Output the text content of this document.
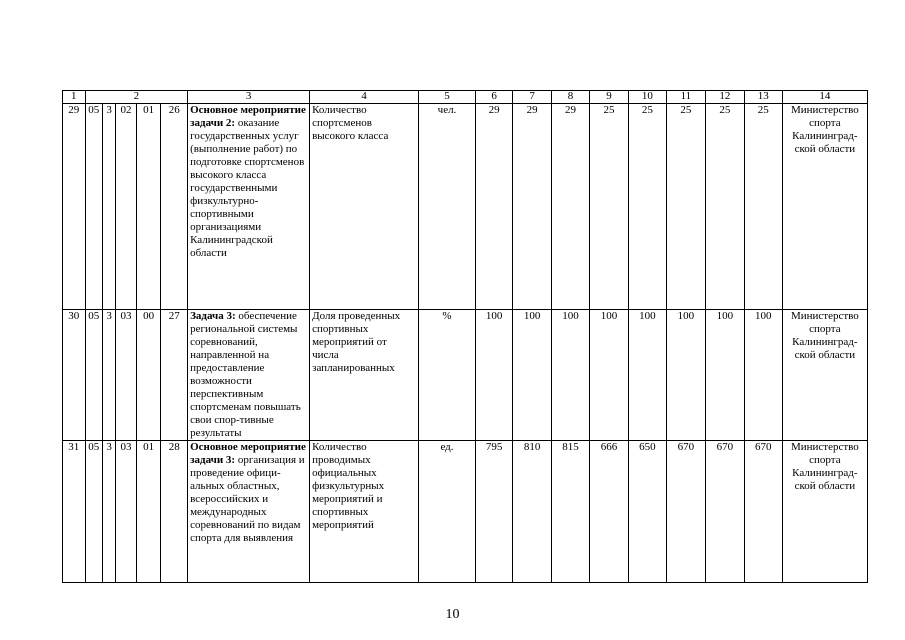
1	2					3	4	5	6	7	8	9	10	11	12	13	14
29	05	3	02	01	26	Основное мероприятие задачи 2: оказание государственных услуг (выполнение работ) по подготовке спортсменов высокого класса государственными физкультурно-спортивными организациями Калининградской области	Количество спортсменов высокого класса	чел.	29	29	29	25	25	25	25	25	Министерство спорта Калининград-ской области
30	05	3	03	00	27	Задача 3: обеспечение региональной системы соревнований, направленной на предоставление возможности перспективным спортсменам повышать свои спор-тивные результаты	Доля проведенных спортивных мероприятий от числа запланированных	%	100	100	100	100	100	100	100	100	Министерство спорта Калининград-ской области
31	05	3	03	01	28	Основное мероприятие задачи 3: организация и проведение офици-альных областных, всероссийских и международных соревнований по видам спорта для выявления	Количество проводимых официальных физкультурных мероприятий и спортивных мероприятий	ед.	795	810	815	666	650	670	670	670	Министерство спорта Калининград-ской области
10
